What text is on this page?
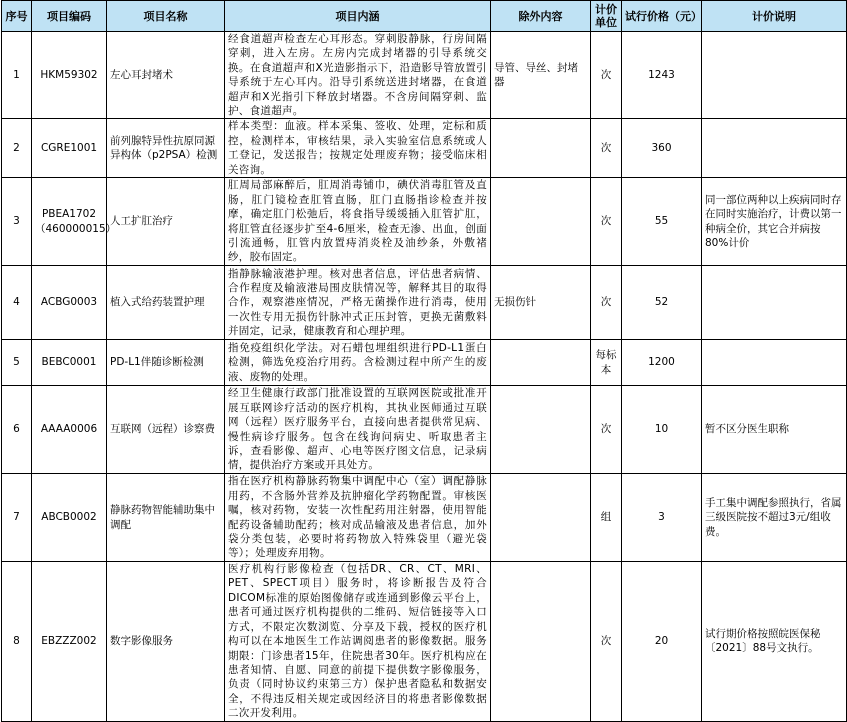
序号	项目编码	项目名称	项目内涵	除外内容	计价单位	试行价格（元）	计价说明
1	HKM59302	左心耳封堵术	经食道超声检查左心耳形态。穿刺股静脉，行房间隔穿刺，进入左房。左房内完成封堵器的引导系统交换。在食道超声和X光造影指示下，沿造影导管放置引导系统于左心耳内。沿导引系统送进封堵器，在食道超声和X光指引下释放封堵器。不含房间隔穿刺、监护、食道超声。	导管、导丝、封堵器	次	1243	
2	CGRE1001	前列腺特异性抗原同源异构体（p2PSA）检测	样本类型：血液。样本采集、签收、处理，定标和质控，检测样本，审核结果，录入实验室信息系统或人工登记，发送报告；按规定处理废弃物；接受临床相关咨询。		次	360	
3	PBEA1702（460000015）	人工扩肛治疗	肛周局部麻醉后，肛周消毒铺巾，碘伏消毒肛管及直肠，肛门镜检查肛管直肠，肛门直肠指诊检查并按摩，确定肛门松弛后，将食指导缓缓插入肛管扩肛，将肛管直径逐步扩至4-6厘米，检查无渗、出血，创面引流通畅，肛管内放置痔消炎栓及油纱条，外敷褚纱，胶布固定。		次	55	同一部位两种以上疾病同时存在同时实施治疗，计费以第一种病全价，其它合并病按80%计价
4	ACBG0003	植入式给药装置护理	指静脉输液港护理。核对患者信息，评估患者病情、合作程度及输液港局围皮肤情况等，解释其目的取得合作，观察港座情况，严格无菌操作进行消毒，使用一次性专用无损伤针脉冲式正压封管，更换无菌敷料并固定，记录，健康教育和心理护理。	无损伤针	次	52	
5	BEBC0001	PD-L1伴随诊断检测	指免疫组织化学法。对石蜡包埋组织进行PD-L1蛋白检测，筛选免疫治疗用药。含检测过程中所产生的废液、废物的处理。		每标本	1200	
6	AAAA0006	互联网（远程）诊察费	经卫生健康行政部门批准设置的互联网医院或批准开展互联网诊疗活动的医疗机构，其执业医师通过互联网（远程）医疗服务平台，直接向患者提供常见病、慢性病诊疗服务。包含在线询问病史、听取患者主诉，查看影像、超声、心电等医疗图文信息，记录病情，提供治疗方案或开具处方。		次	10	暂不区分医生职称
7	ABCB0002	静脉药物智能辅助集中调配	指在医疗机构静脉药物集中调配中心（室）调配静脉用药，不含肠外营养及抗肿瘤化学药物配置。审核医嘱，核对药物，安装一次性配药用注射器，使用智能配药设备辅助配药；核对成品输液及患者信息，加外袋分类包装，必要时将药物放入特殊袋里（避光袋等）；处理废弃用物。		组	3	手工集中调配参照执行，省属三级医院按不超过3元/组收费。
8	EBZZZ002	数字影像服务	医疗机构行影像检查（包括DR、CR、CT、MRI、PET、SPECT项目）服务时，将诊断报告及符合DICOM标准的原始图像储存或连通到影像云平台上，患者可通过医疗机构提供的二维码、短信链接等入口方式，不限定次数浏览、分享及下载，授权的医疗机构可以在本地医生工作站调阅患者的影像数据。服务期限：门诊患者15年，住院患者30年。医疗机构应在患者知情、自愿、同意的前提下提供数字影像服务，负责（同时协议约束第三方）保护患者隐私和数据安全，不得违反相关规定或因经济目的将患者影像数据二次开发利用。		次	20	试行期价格按照皖医保秘〔2021〕88号文执行。
